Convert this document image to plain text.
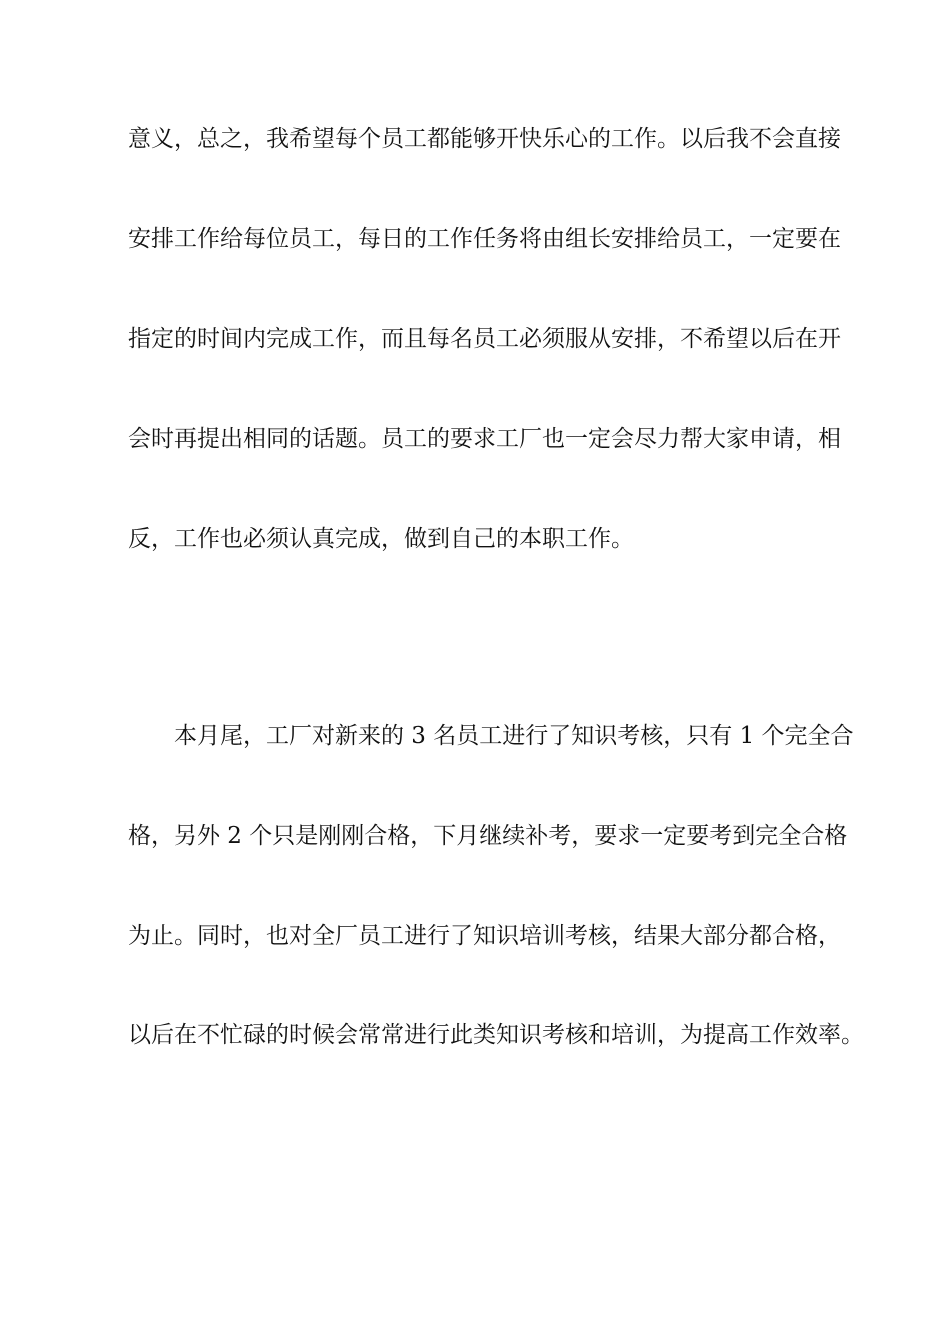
意义，总之，我希望每个员工都能够开快乐心的工作。以后我不会直接
安排工作给每位员工，每日的工作任务将由组长安排给员工，一定要在
指定的时间内完成工作，而且每名员工必须服从安排，不希望以后在开
会时再提出相同的话题。员工的要求工厂也一定会尽力帮大家申请，相
反，工作也必须认真完成，做到自己的本职工作。
本月尾，工厂对新来的 3 名员工进行了知识考核，只有 1 个完全合
格，另外 2 个只是刚刚合格，下月继续补考，要求一定要考到完全合格
为止。同时，也对全厂员工进行了知识培训考核，结果大部分都合格，
以后在不忙碌的时候会常常进行此类知识考核和培训，为提高工作效率。
